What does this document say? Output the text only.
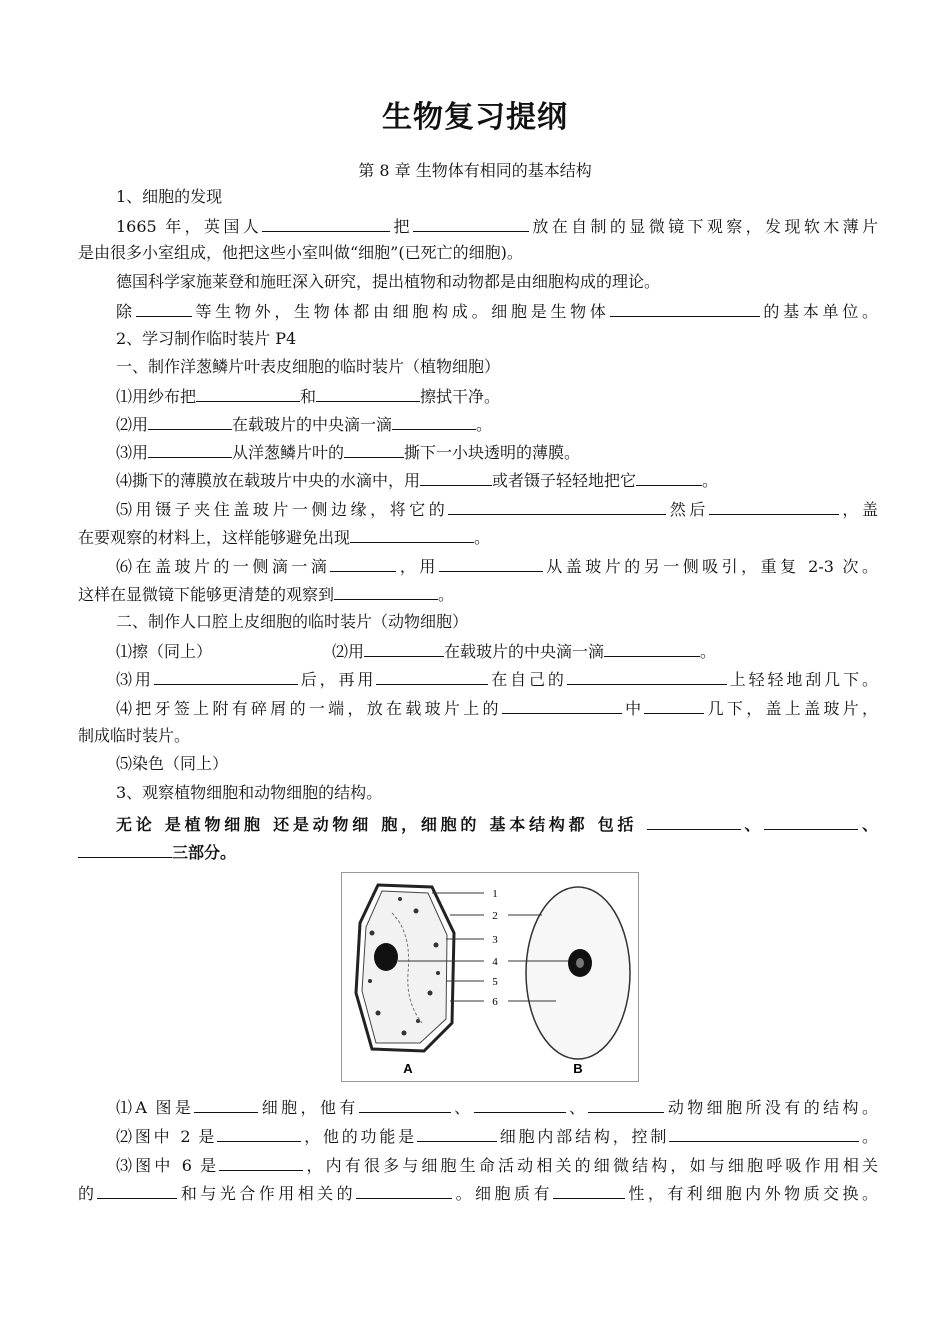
生物复习提纲
第 8 章 生物体有相同的基本结构
1、细胞的发现
1665 年，英国人	把	放在自制的显微镜下观察，发现软木薄片
是由很多小室组成，他把这些小室叫做“细胞”(已死亡的细胞)。
德国科学家施莱登和施旺深入研究，提出植物和动物都是由细胞构成的理论。
除	等生物外，生物体都由细胞构成。细胞是生物体	的基本单位。
2、学习制作临时装片 P4
一、制作洋葱鳞片叶表皮细胞的临时装片（植物细胞）
⑴用纱布把	和	擦拭干净。
⑵用	在载玻片的中央滴一滴	。
⑶用	从洋葱鳞片叶的	撕下一小块透明的薄膜。
⑷撕下的薄膜放在载玻片中央的水滴中，用	或者镊子轻轻地把它	。
⑸用镊子夹住盖玻片一侧边缘，将它的	然后	，盖
在要观察的材料上，这样能够避免出现	。
⑹在盖玻片的一侧滴一滴	，用	从盖玻片的另一侧吸引，重复 2-3 次。
这样在显微镜下能够更清楚的观察到	。
二、制作人口腔上皮细胞的临时装片（动物细胞）
⑴擦（同上）	⑵用	在载玻片的中央滴一滴	。
⑶用	后，再用	在自己的	上轻轻地刮几下。
⑷把牙签上附有碎屑的一端，放在载玻片上的	中	几下，盖上盖玻片，
制成临时装片。
⑸染色（同上）
3、观察植物细胞和动物细胞的结构。
无论 是植物细胞 还是动物细 胞，细胞的 基本结构都 包括	、	、
三部分。
1
2
3
4
5
6
A	B
⑴A 图是	细胞，他有	、	、	动物细胞所没有的结构。
⑵图中 2 是	，他的功能是	细胞内部结构，控制	。
⑶图中 6 是	，内有很多与细胞生命活动相关的细微结构，如与细胞呼吸作用相关
的	和与光合作用相关的	。细胞质有	性，有利细胞内外物质交换。
